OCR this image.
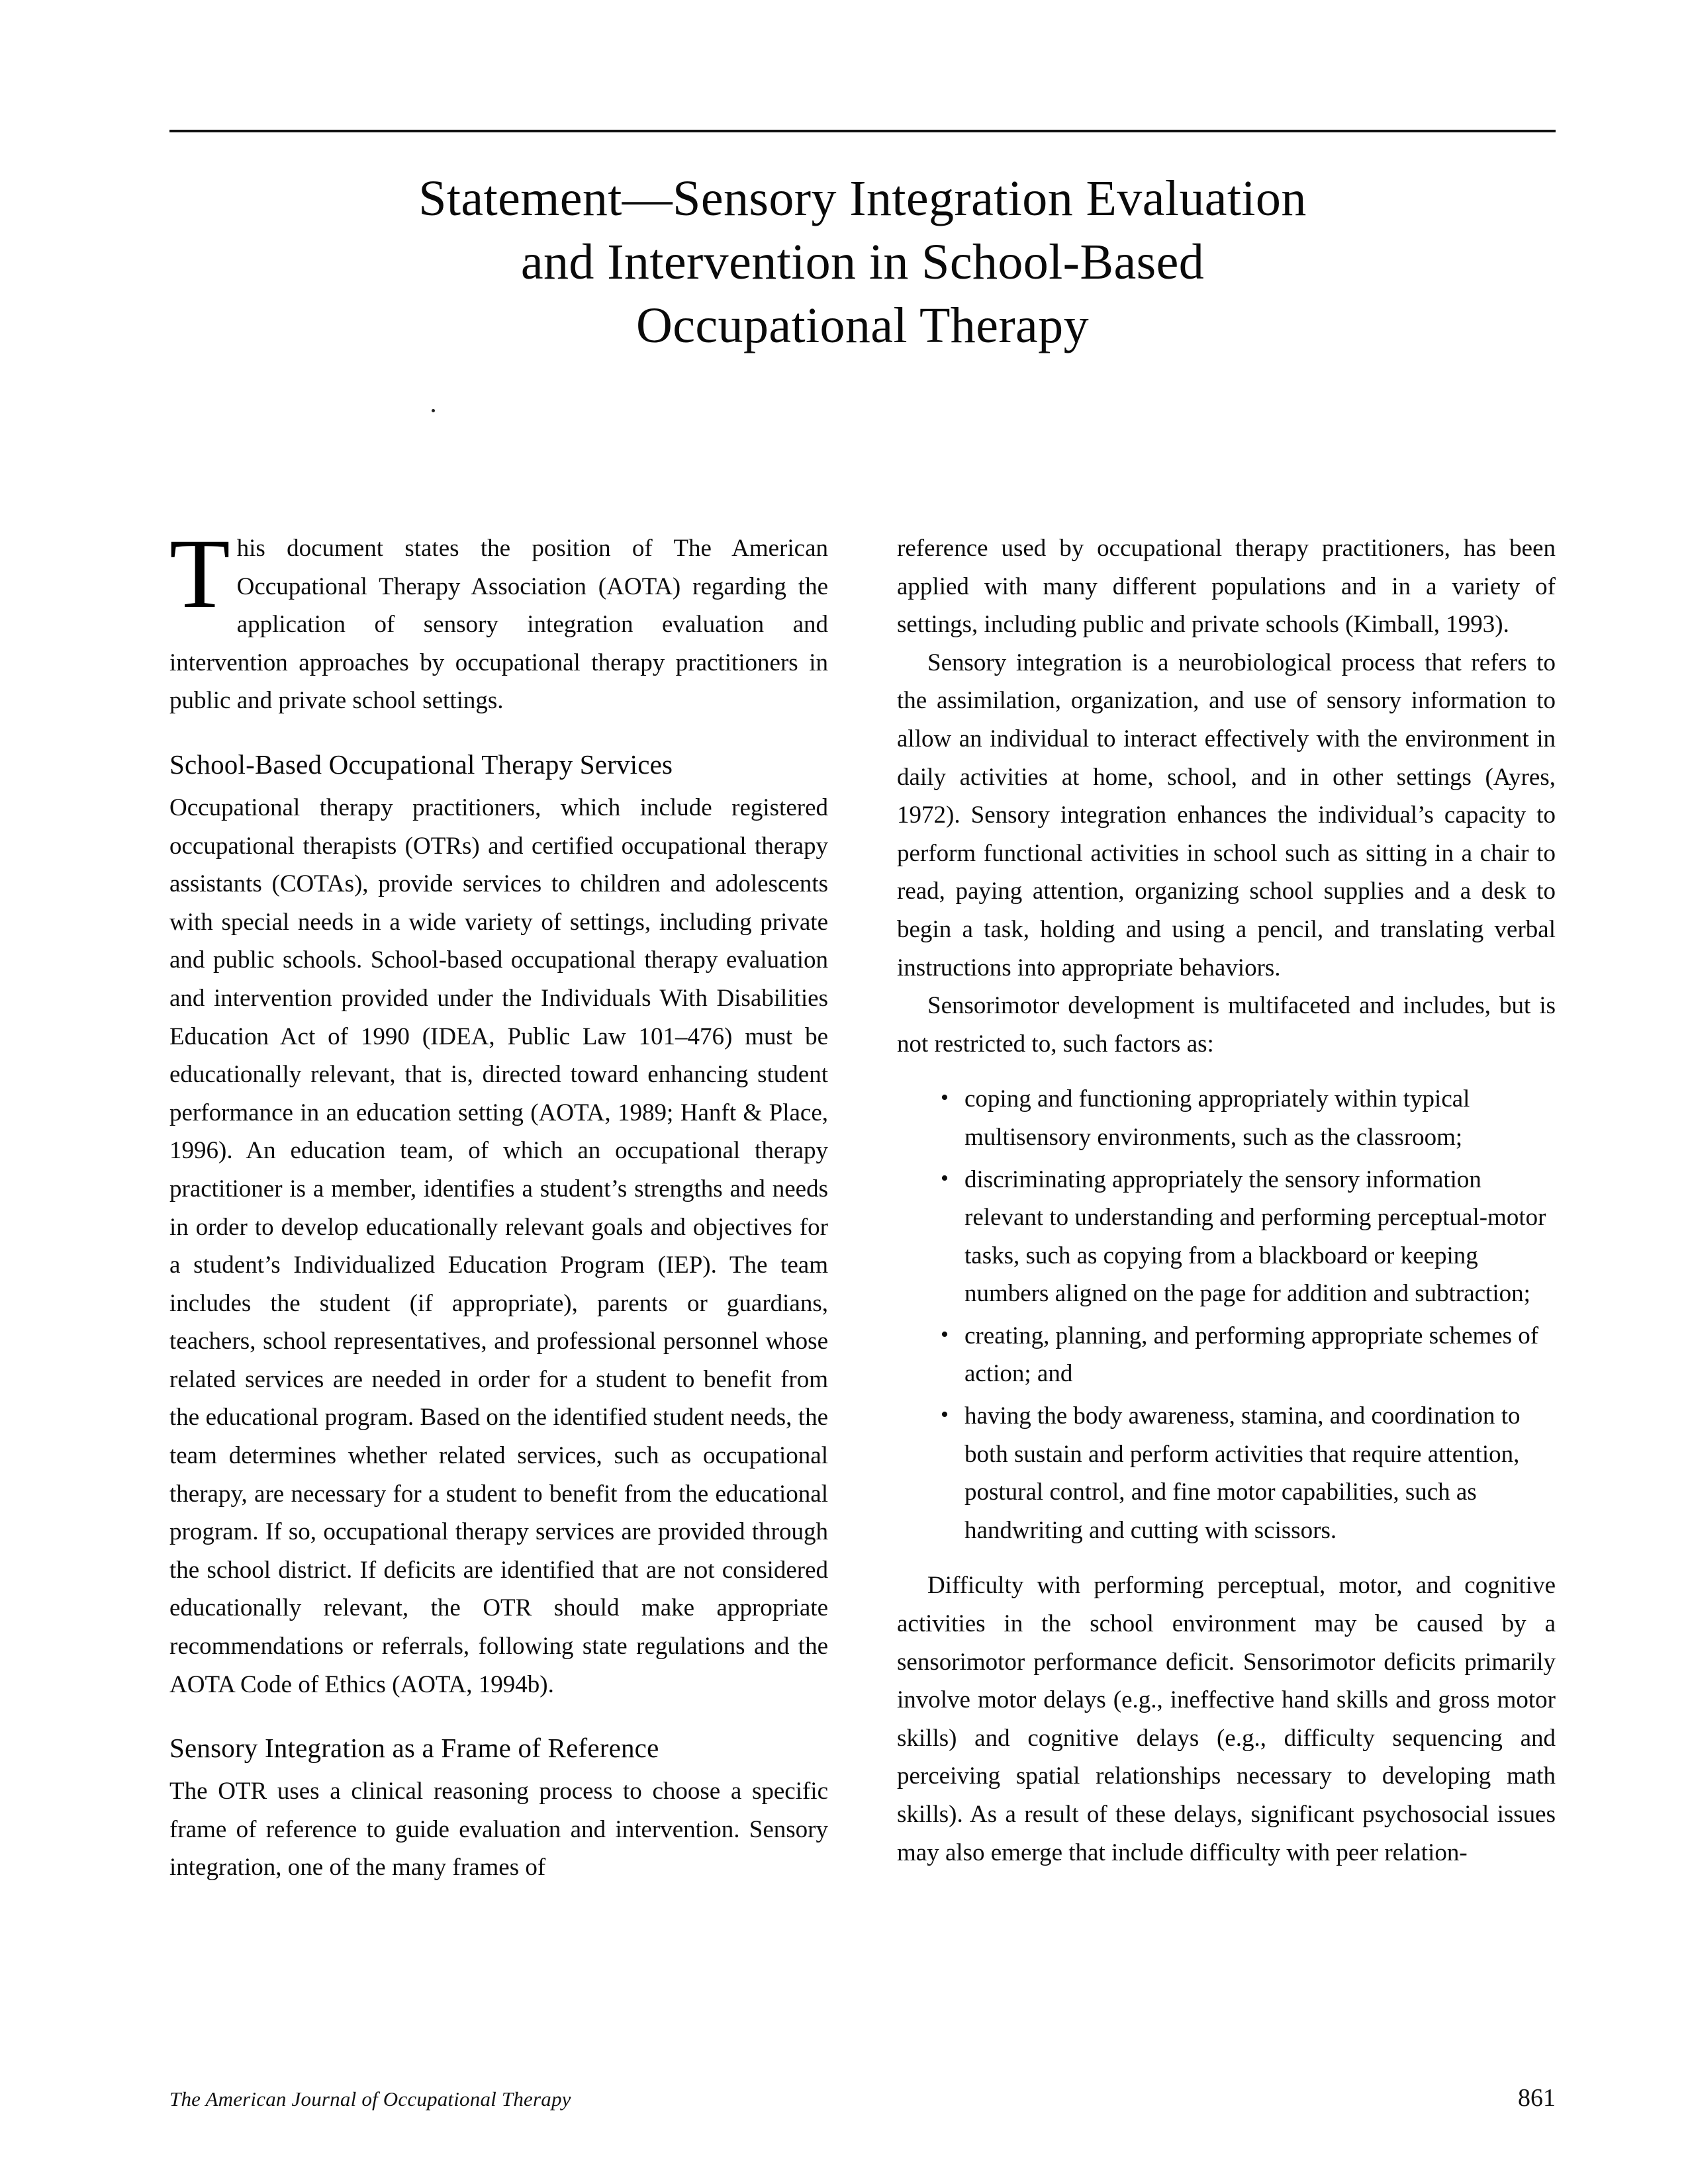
Statement—Sensory Integration Evaluation
and Intervention in School-Based
Occupational Therapy

This document states the position of The American Occupational Therapy Association (AOTA) regarding the application of sensory integration evaluation and intervention approaches by occupational therapy practitioners in public and private school settings.

School-Based Occupational Therapy Services

Occupational therapy practitioners, which include registered occupational therapists (OTRs) and certified occupational therapy assistants (COTAs), provide services to children and adolescents with special needs in a wide variety of settings, including private and public schools. School-based occupational therapy evaluation and intervention provided under the Individuals With Disabilities Education Act of 1990 (IDEA, Public Law 101–476) must be educationally relevant, that is, directed toward enhancing student performance in an education setting (AOTA, 1989; Hanft & Place, 1996). An education team, of which an occupational therapy practitioner is a member, identifies a student’s strengths and needs in order to develop educationally relevant goals and objectives for a student’s Individualized Education Program (IEP). The team includes the student (if appropriate), parents or guardians, teachers, school representatives, and professional personnel whose related services are needed in order for a student to benefit from the educational program. Based on the identified student needs, the team determines whether related services, such as occupational therapy, are necessary for a student to benefit from the educational program. If so, occupational therapy services are provided through the school district. If deficits are identified that are not considered educationally relevant, the OTR should make appropriate recommendations or referrals, following state regulations and the AOTA Code of Ethics (AOTA, 1994b).

Sensory Integration as a Frame of Reference

The OTR uses a clinical reasoning process to choose a specific frame of reference to guide evaluation and intervention. Sensory integration, one of the many frames of

reference used by occupational therapy practitioners, has been applied with many different populations and in a variety of settings, including public and private schools (Kimball, 1993).

Sensory integration is a neurobiological process that refers to the assimilation, organization, and use of sensory information to allow an individual to interact effectively with the environment in daily activities at home, school, and in other settings (Ayres, 1972). Sensory integration enhances the individual’s capacity to perform functional activities in school such as sitting in a chair to read, paying attention, organizing school supplies and a desk to begin a task, holding and using a pencil, and translating verbal instructions into appropriate behaviors.

Sensorimotor development is multifaceted and includes, but is not restricted to, such factors as:

• coping and functioning appropriately within typical multisensory environments, such as the classroom;
• discriminating appropriately the sensory information relevant to understanding and performing perceptual-motor tasks, such as copying from a blackboard or keeping numbers aligned on the page for addition and subtraction;
• creating, planning, and performing appropriate schemes of action; and
• having the body awareness, stamina, and coordination to both sustain and perform activities that require attention, postural control, and fine motor capabilities, such as handwriting and cutting with scissors.

Difficulty with performing perceptual, motor, and cognitive activities in the school environment may be caused by a sensorimotor performance deficit. Sensorimotor deficits primarily involve motor delays (e.g., ineffective hand skills and gross motor skills) and cognitive delays (e.g., difficulty sequencing and perceiving spatial relationships necessary to developing math skills). As a result of these delays, significant psychosocial issues may also emerge that include difficulty with peer relation-

The American Journal of Occupational Therapy	861
